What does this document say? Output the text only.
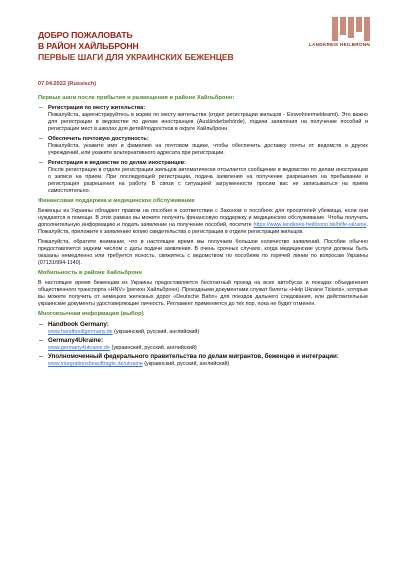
ДОБРО ПОЖАЛОВАТЬ
В РАЙОН ХАЙЛЬБРОНН
ПЕРВЫЕ ШАГИ ДЛЯ УКРАИНСКИХ БЕЖЕНЦЕВ
LANDKREIS HEILBRONN
07.04.2022 (Russisch)
Первые шаги после прибытия и размещения в районе Хайльбронн:
– Регистрация по месту жительства:
Пожалуйста, зарегистрируйтесь в мэрии по месту жительства (отдел регистрации жильцов - Einwohnermeldeamt). Это важно для регистрации в ведомстве по делам иностранцев (Ausländerbehörde), подачи заявления на получение пособий и регистрации мест в школах для детей/подростков в округе Хайльбронн.
– Обеспечить почтовую доступность:
Пожалуйста, укажите имя и фамилию на почтовом ящике, чтобы обеспечить доставку почты от ведомств и других учреждений, или укажите альтернативного адресата при регистрации.
– Регистрация в ведомстве по делам иностранцев:
После регистрации в отделе регистрации жильцов автоматически отсылается сообщение в ведомство по делам иностранцев о записи на прием. При последующей регистрации, подача заявления на получение разрешения на пребывание и регистрация разрешения на работу. В связи с ситуацией загруженности просим вас не записываться на прием самостоятельно.
Финансовая поддержка и медицинское обслуживание
Беженцы из Украины обладают правом на пособия в соответствии с Законом о пособиях для просителей убежища, если они нуждаются в помощи. В этих рамках вы можете получить финансовую поддержку и медицинское обслуживание. Чтобы получить дополнительную информацию и подать заявление на получение пособий, посетите https://www.landkreis-heilbronn.de/hilfe-ukraine. Пожалуйста, приложите к заявлению копию свидетельства о регистрации в отделе регистрации жильцов.
Пожалуйста, обратите внимание, что в настоящее время мы получаем большое количество заявлений. Пособие обычно предоставляется задним числом с даты подачи заявления. В очень срочных случаях, когда медицинские услуги должны быть оказаны немедленно или требуется ясность, свяжитесь с ведомством по пособиям по горячей линии по вопросам Украины (07131/994-1140).
Мобильность в районе Хайльбронн
В настоящее время беженцам из Украины предоставляется бесплатный проезд на всех автобусах и поездах объединения общественного транспорта «HNV» (регион Хайльбронн). Проездными документами служат билеты «Help Ukraine Tickets», которые вы можете получить от немецких железных дорог «Deutsche Bahn» для поездов дальнего следования, или действительные украинские документы удостоверяющие личность. Регламент применяется до тех пор, пока не будет отменен.
Многоязычная информация (выбор)
– Handbook Germany:
www.handbookgermany.de (украинский, русский, английский)
– Germany4Ukraine:
www.germany4ukraine.de (украинский, русский, английский)
– Уполномоченный федерального правительства по делам мигрантов, беженцев и интеграции:
www.integrationsbeauftragte.de/ukraine (украинский, русский, английский)
